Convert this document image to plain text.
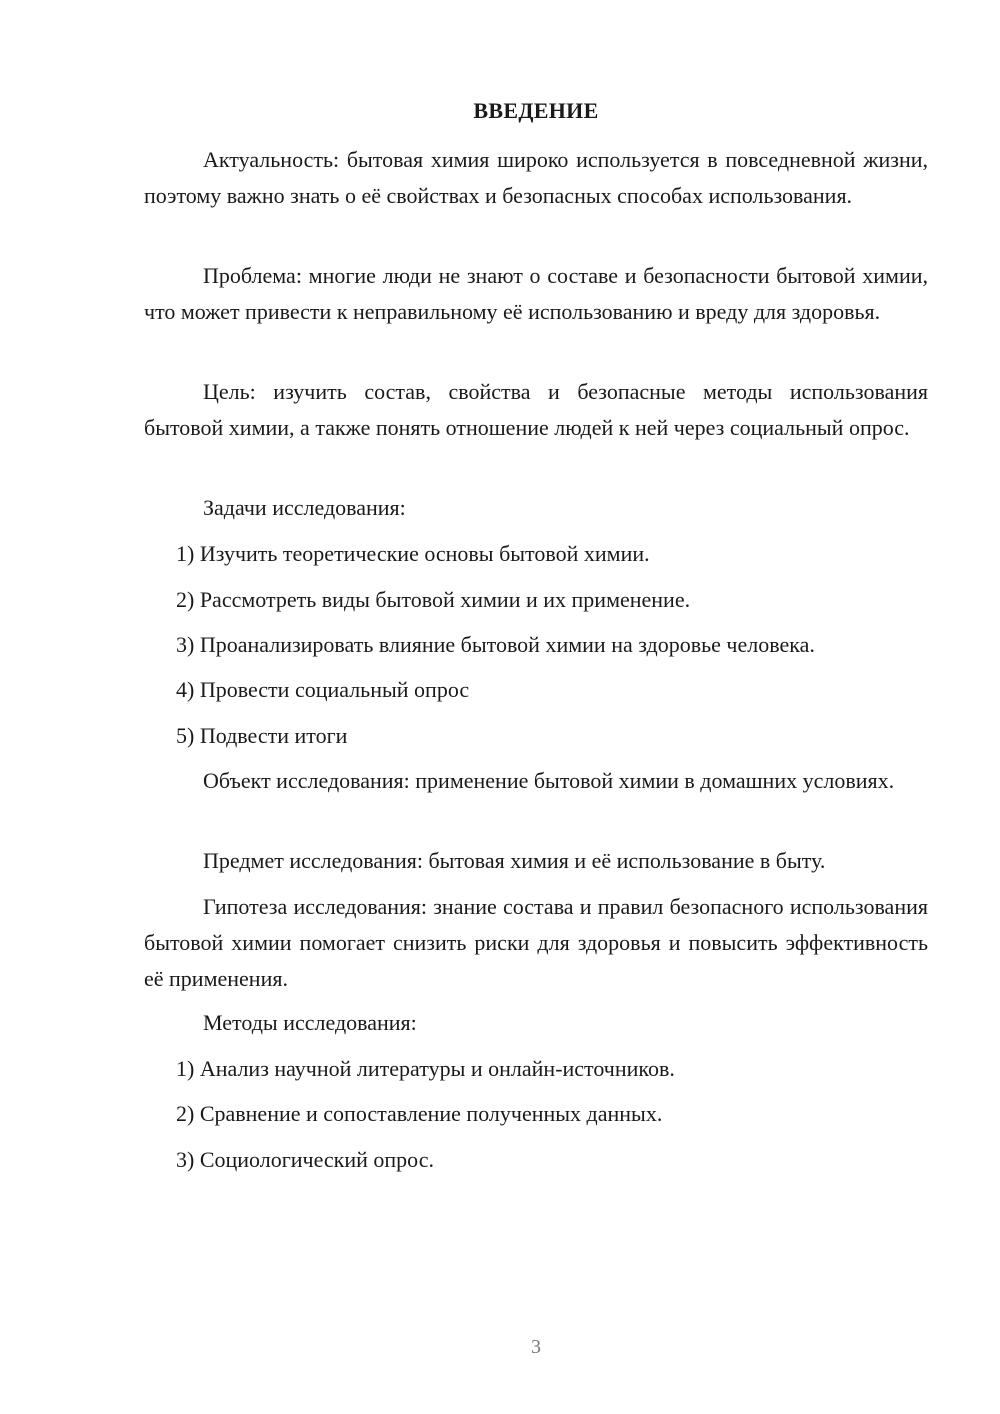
ВВЕДЕНИЕ

Актуальность: бытовая химия широко используется в повседневной жизни, поэтому важно знать о её свойствах и безопасных способах использования.

Проблема: многие люди не знают о составе и безопасности бытовой химии, что может привести к неправильному её использованию и вреду для здоровья.

Цель: изучить состав, свойства и безопасные методы использования бытовой химии, а также понять отношение людей к ней через социальный опрос.

Задачи исследования:

1) Изучить теоретические основы бытовой химии.

2) Рассмотреть виды бытовой химии и их применение.

3) Проанализировать влияние бытовой химии на здоровье человека.

4) Провести социальный опрос

5) Подвести итоги

Объект исследования: применение бытовой химии в домашних условиях.

Предмет исследования: бытовая химия и её использование в быту.

Гипотеза исследования: знание состава и правил безопасного использования бытовой химии помогает снизить риски для здоровья и повысить эффективность её применения.

Методы исследования:

1) Анализ научной литературы и онлайн-источников.

2) Сравнение и сопоставление полученных данных.

3) Социологический опрос.

3
